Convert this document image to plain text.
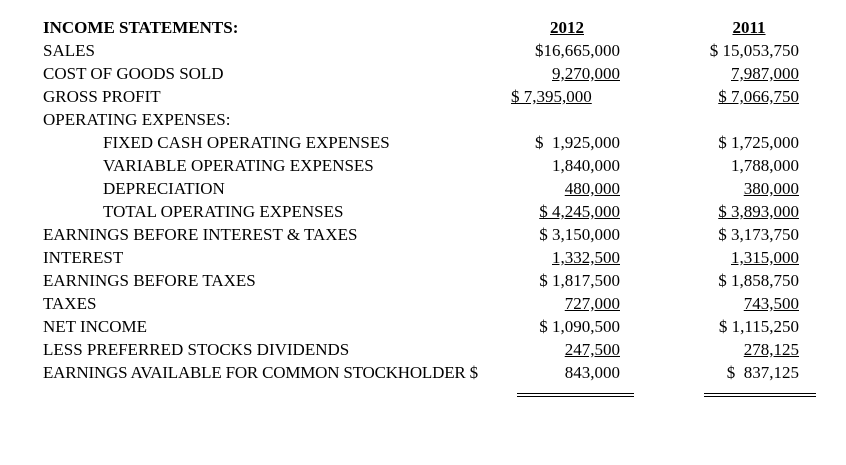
INCOME STATEMENTS:	2012	2011
SALES	$16,665,000	$ 15,053,750
COST OF GOODS SOLD	9,270,000	7,987,000
GROSS PROFIT	$ 7,395,000	$ 7,066,750
OPERATING EXPENSES:
FIXED CASH OPERATING EXPENSES	$  1,925,000	$ 1,725,000
VARIABLE OPERATING EXPENSES	1,840,000	1,788,000
DEPRECIATION	480,000	380,000
TOTAL OPERATING EXPENSES	$ 4,245,000	$ 3,893,000
EARNINGS BEFORE INTEREST & TAXES	$ 3,150,000	$ 3,173,750
INTEREST	1,332,500	1,315,000
EARNINGS BEFORE TAXES	$ 1,817,500	$ 1,858,750
TAXES	727,000	743,500
NET INCOME	$ 1,090,500	$ 1,115,250
LESS PREFERRED STOCKS DIVIDENDS	247,500	278,125
EARNINGS AVAILABLE FOR COMMON STOCKHOLDER $	843,000	$  837,125
